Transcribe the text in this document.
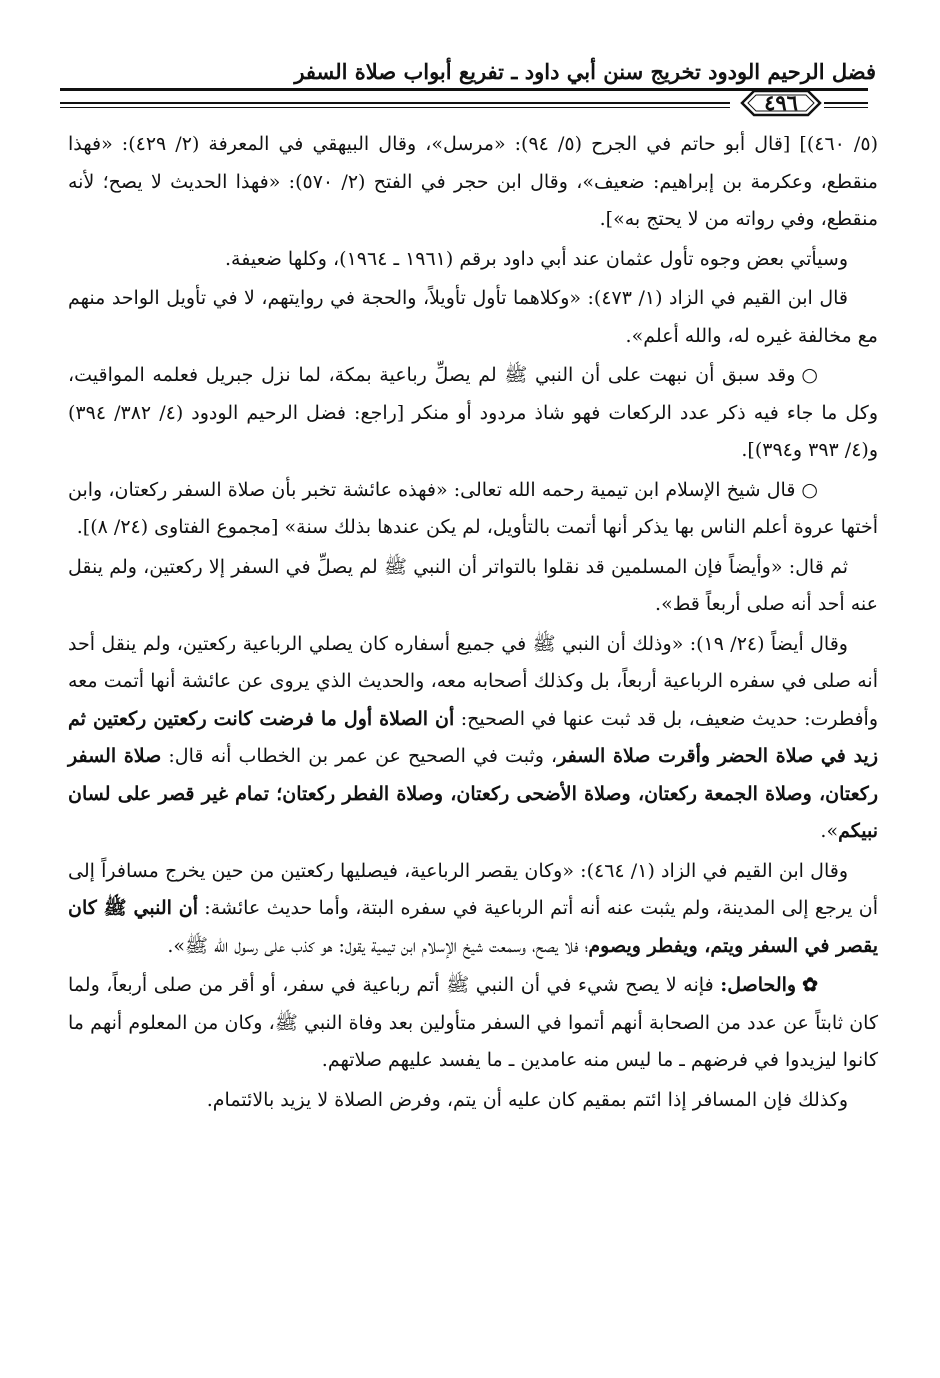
فضل الرحيم الودود تخريج سنن أبي داود ـ تفريع أبواب صلاة السفر
٤٩٦

(٥/ ٤٦٠)] [قال أبو حاتم في الجرح (٥/ ٩٤): «مرسل»، وقال البيهقي في المعرفة (٢/ ٤٢٩): «فهذا منقطع، وعكرمة بن إبراهيم: ضعيف»، وقال ابن حجر في الفتح (٢/ ٥٧٠): «فهذا الحديث لا يصح؛ لأنه منقطع، وفي رواته من لا يحتج به»].

وسيأتي بعض وجوه تأول عثمان عند أبي داود برقم (١٩٦١ ـ ١٩٦٤)، وكلها ضعيفة.

قال ابن القيم في الزاد (١/ ٤٧٣): «وكلاهما تأول تأويلاً، والحجة في روايتهم، لا في تأويل الواحد منهم مع مخالفة غيره له، والله أعلم».

○وقد سبق أن نبهت على أن النبي ﷺ لم يصلِّ رباعية بمكة، لما نزل جبريل فعلمه المواقيت، وكل ما جاء فيه ذكر عدد الركعات فهو شاذ مردود أو منكر [راجع: فضل الرحيم الودود (٤/ ٣٨٢/ ٣٩٤) و(٤/ ٣٩٣ و٣٩٤)].

○قال شيخ الإسلام ابن تيمية رحمه الله تعالى: «فهذه عائشة تخبر بأن صلاة السفر ركعتان، وابن أختها عروة أعلم الناس بها يذكر أنها أتمت بالتأويل، لم يكن عندها بذلك سنة» [مجموع الفتاوى (٢٤/ ٨)].

ثم قال: «وأيضاً فإن المسلمين قد نقلوا بالتواتر أن النبي ﷺ لم يصلِّ في السفر إلا ركعتين، ولم ينقل عنه أحد أنه صلى أربعاً قط».

وقال أيضاً (٢٤/ ١٩): «وذلك أن النبي ﷺ في جميع أسفاره كان يصلي الرباعية ركعتين، ولم ينقل أحد أنه صلى في سفره الرباعية أربعاً، بل وكذلك أصحابه معه، والحديث الذي يروى عن عائشة أنها أتمت معه وأفطرت: حديث ضعيف، بل قد ثبت عنها في الصحيح: أن الصلاة أول ما فرضت كانت ركعتين ركعتين ثم زيد في صلاة الحضر وأقرت صلاة السفر، وثبت في الصحيح عن عمر بن الخطاب أنه قال: صلاة السفر ركعتان، وصلاة الجمعة ركعتان، وصلاة الأضحى ركعتان، وصلاة الفطر ركعتان؛ تمام غير قصر على لسان نبيكم».

وقال ابن القيم في الزاد (١/ ٤٦٤): «وكان يقصر الرباعية، فيصليها ركعتين من حين يخرج مسافراً إلى أن يرجع إلى المدينة، ولم يثبت عنه أنه أتم الرباعية في سفره البتة، وأما حديث عائشة: أن النبي ﷺ كان يقصر في السفر ويتم، ويفطر ويصوم؛ فلا يصح، وسمعت شيخ الإسلام ابن تيمية يقول: هو كذب على رسول الله ﷺ».

✿والحاصل: فإنه لا يصح شيء في أن النبي ﷺ أتم رباعية في سفر، أو أقر من صلى أربعاً، ولما كان ثابتاً عن عدد من الصحابة أنهم أتموا في السفر متأولين بعد وفاة النبي ﷺ، وكان من المعلوم أنهم ما كانوا ليزيدوا في فرضهم ـ ما ليس منه عامدين ـ ما يفسد عليهم صلاتهم.

وكذلك فإن المسافر إذا ائتم بمقيم كان عليه أن يتم، وفرض الصلاة لا يزيد بالائتمام.
